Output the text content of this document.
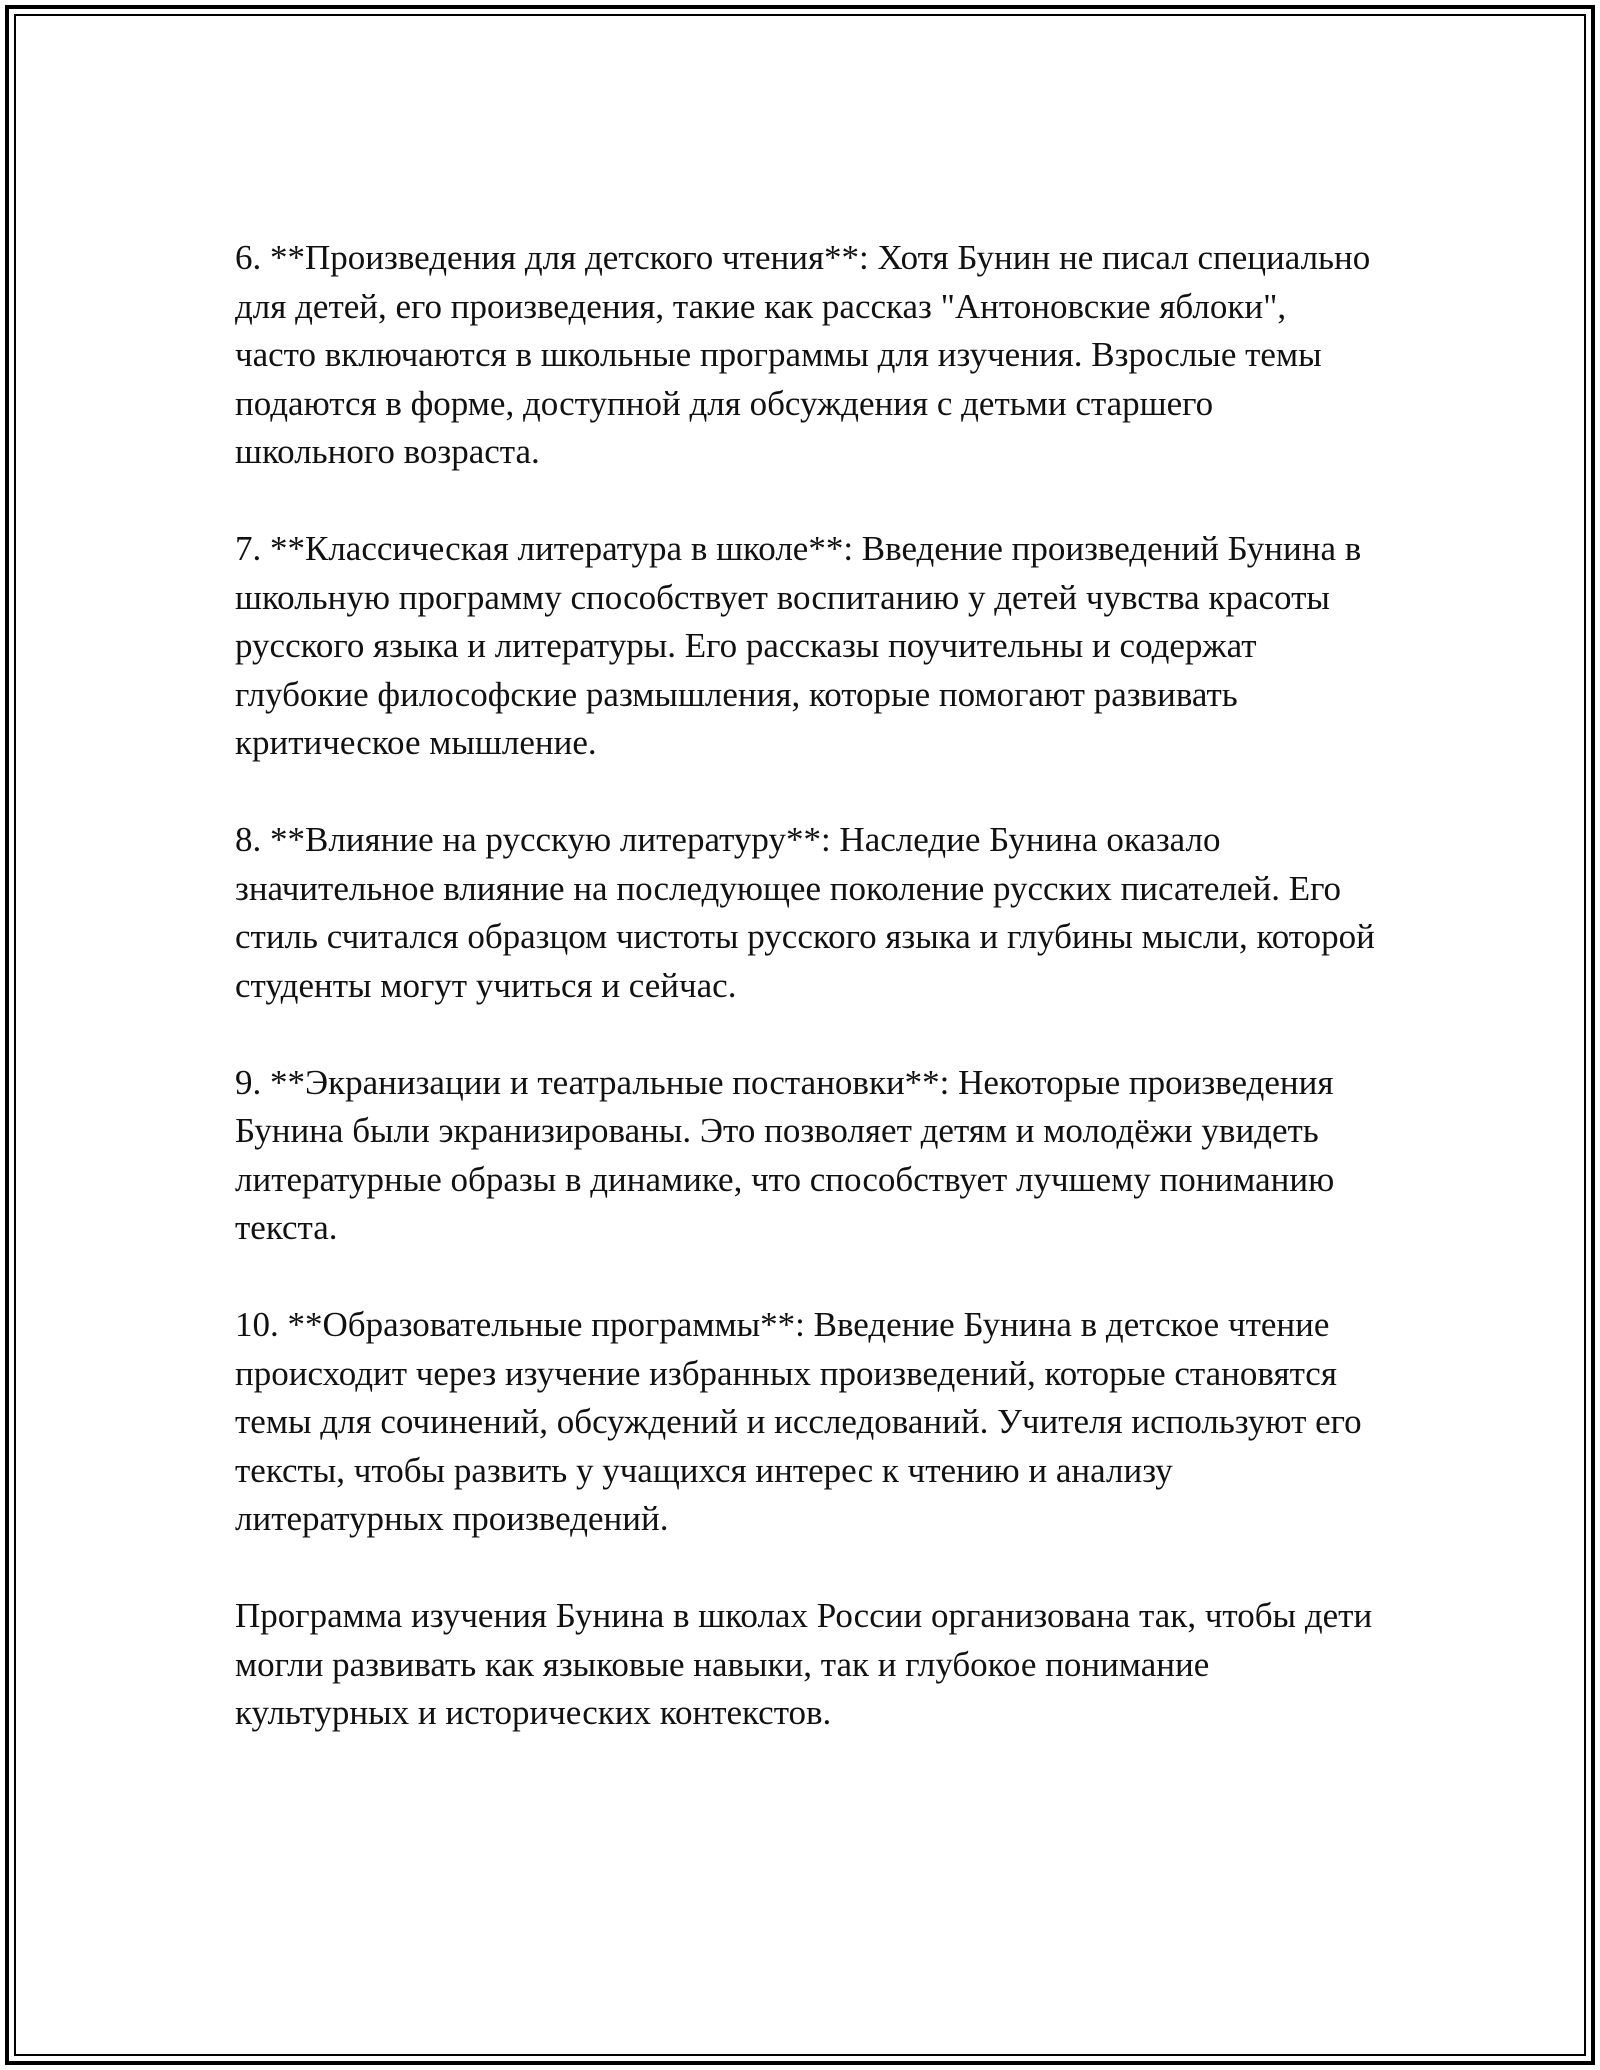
6. **Произведения для детского чтения**: Хотя Бунин не писал специально для детей, его произведения, такие как рассказ "Антоновские яблоки", часто включаются в школьные программы для изучения. Взрослые темы подаются в форме, доступной для обсуждения с детьми старшего школьного возраста.

7. **Классическая литература в школе**: Введение произведений Бунина в школьную программу способствует воспитанию у детей чувства красоты русского языка и литературы. Его рассказы поучительны и содержат глубокие философские размышления, которые помогают развивать критическое мышление.

8. **Влияние на русскую литературу**: Наследие Бунина оказало значительное влияние на последующее поколение русских писателей. Его стиль считался образцом чистоты русского языка и глубины мысли, которой студенты могут учиться и сейчас.

9. **Экранизации и театральные постановки**: Некоторые произведения Бунина были экранизированы. Это позволяет детям и молодёжи увидеть литературные образы в динамике, что способствует лучшему пониманию текста.

10. **Образовательные программы**: Введение Бунина в детское чтение происходит через изучение избранных произведений, которые становятся темы для сочинений, обсуждений и исследований. Учителя используют его тексты, чтобы развить у учащихся интерес к чтению и анализу литературных произведений.

Программа изучения Бунина в школах России организована так, чтобы дети могли развивать как языковые навыки, так и глубокое понимание культурных и исторических контекстов.
